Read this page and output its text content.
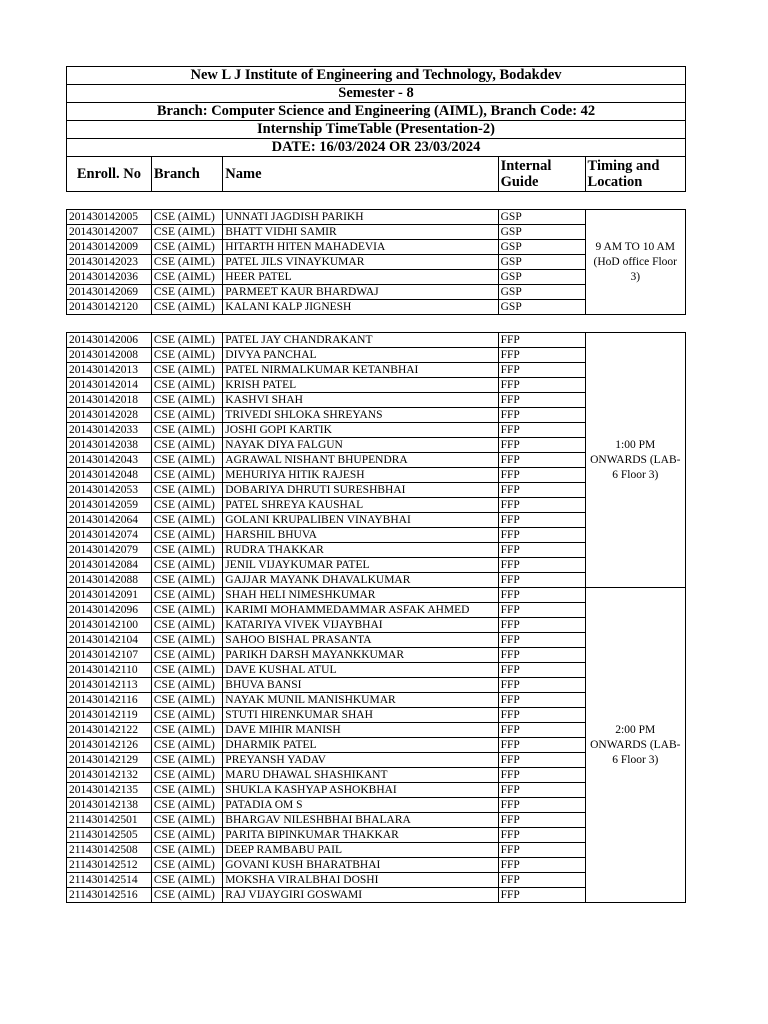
New L J Institute of Engineering and Technology, Bodakdev
Semester - 8
Branch: Computer Science and Engineering (AIML), Branch Code: 42
Internship TimeTable (Presentation-2)
DATE: 16/03/2024 OR 23/03/2024
Enroll. No	Branch	Name	Internal Guide	Timing and Location
201430142005	CSE (AIML)	UNNATI JAGDISH PARIKH	GSP	9 AM TO 10 AM (HoD office Floor 3)
201430142007	CSE (AIML)	BHATT VIDHI SAMIR	GSP	
201430142009	CSE (AIML)	HITARTH HITEN MAHADEVIA	GSP	
201430142023	CSE (AIML)	PATEL JILS VINAYKUMAR	GSP	
201430142036	CSE (AIML)	HEER PATEL	GSP	
201430142069	CSE (AIML)	PARMEET KAUR BHARDWAJ	GSP	
201430142120	CSE (AIML)	KALANI KALP JIGNESH	GSP	
201430142006	CSE (AIML)	PATEL JAY CHANDRAKANT	FFP	1:00 PM ONWARDS (LAB-6 Floor 3)
201430142008	CSE (AIML)	DIVYA PANCHAL	FFP	
201430142013	CSE (AIML)	PATEL NIRMALKUMAR KETANBHAI	FFP	
201430142014	CSE (AIML)	KRISH PATEL	FFP	
201430142018	CSE (AIML)	KASHVI SHAH	FFP	
201430142028	CSE (AIML)	TRIVEDI SHLOKA SHREYANS	FFP	
201430142033	CSE (AIML)	JOSHI GOPI KARTIK	FFP	
201430142038	CSE (AIML)	NAYAK DIYA FALGUN	FFP	
201430142043	CSE (AIML)	AGRAWAL NISHANT BHUPENDRA	FFP	
201430142048	CSE (AIML)	MEHURIYA HITIK RAJESH	FFP	
201430142053	CSE (AIML)	DOBARIYA DHRUTI SURESHBHAI	FFP	
201430142059	CSE (AIML)	PATEL SHREYA KAUSHAL	FFP	
201430142064	CSE (AIML)	GOLANI KRUPALIBEN VINAYBHAI	FFP	
201430142074	CSE (AIML)	HARSHIL BHUVA	FFP	
201430142079	CSE (AIML)	RUDRA THAKKAR	FFP	
201430142084	CSE (AIML)	JENIL VIJAYKUMAR PATEL	FFP	
201430142088	CSE (AIML)	GAJJAR MAYANK DHAVALKUMAR	FFP	
201430142091	CSE (AIML)	SHAH HELI NIMESHKUMAR	FFP	2:00 PM ONWARDS (LAB-6 Floor 3)
201430142096	CSE (AIML)	KARIMI MOHAMMEDAMMAR ASFAK AHMED	FFP	
201430142100	CSE (AIML)	KATARIYA VIVEK VIJAYBHAI	FFP	
201430142104	CSE (AIML)	SAHOO BISHAL PRASANTA	FFP	
201430142107	CSE (AIML)	PARIKH DARSH MAYANKKUMAR	FFP	
201430142110	CSE (AIML)	DAVE KUSHAL ATUL	FFP	
201430142113	CSE (AIML)	BHUVA BANSI	FFP	
201430142116	CSE (AIML)	NAYAK MUNIL MANISHKUMAR	FFP	
201430142119	CSE (AIML)	STUTI HIRENKUMAR SHAH	FFP	
201430142122	CSE (AIML)	DAVE MIHIR MANISH	FFP	
201430142126	CSE (AIML)	DHARMIK PATEL	FFP	
201430142129	CSE (AIML)	PREYANSH YADAV	FFP	
201430142132	CSE (AIML)	MARU DHAWAL SHASHIKANT	FFP	
201430142135	CSE (AIML)	SHUKLA KASHYAP ASHOKBHAI	FFP	
201430142138	CSE (AIML)	PATADIA OM S	FFP	
211430142501	CSE (AIML)	BHARGAV NILESHBHAI BHALARA	FFP	
211430142505	CSE (AIML)	PARITA BIPINKUMAR THAKKAR	FFP	
211430142508	CSE (AIML)	DEEP RAMBABU PAIL	FFP	
211430142512	CSE (AIML)	GOVANI KUSH BHARATBHAI	FFP	
211430142514	CSE (AIML)	MOKSHA VIRALBHAI DOSHI	FFP	
211430142516	CSE (AIML)	RAJ VIJAYGIRI GOSWAMI	FFP	
